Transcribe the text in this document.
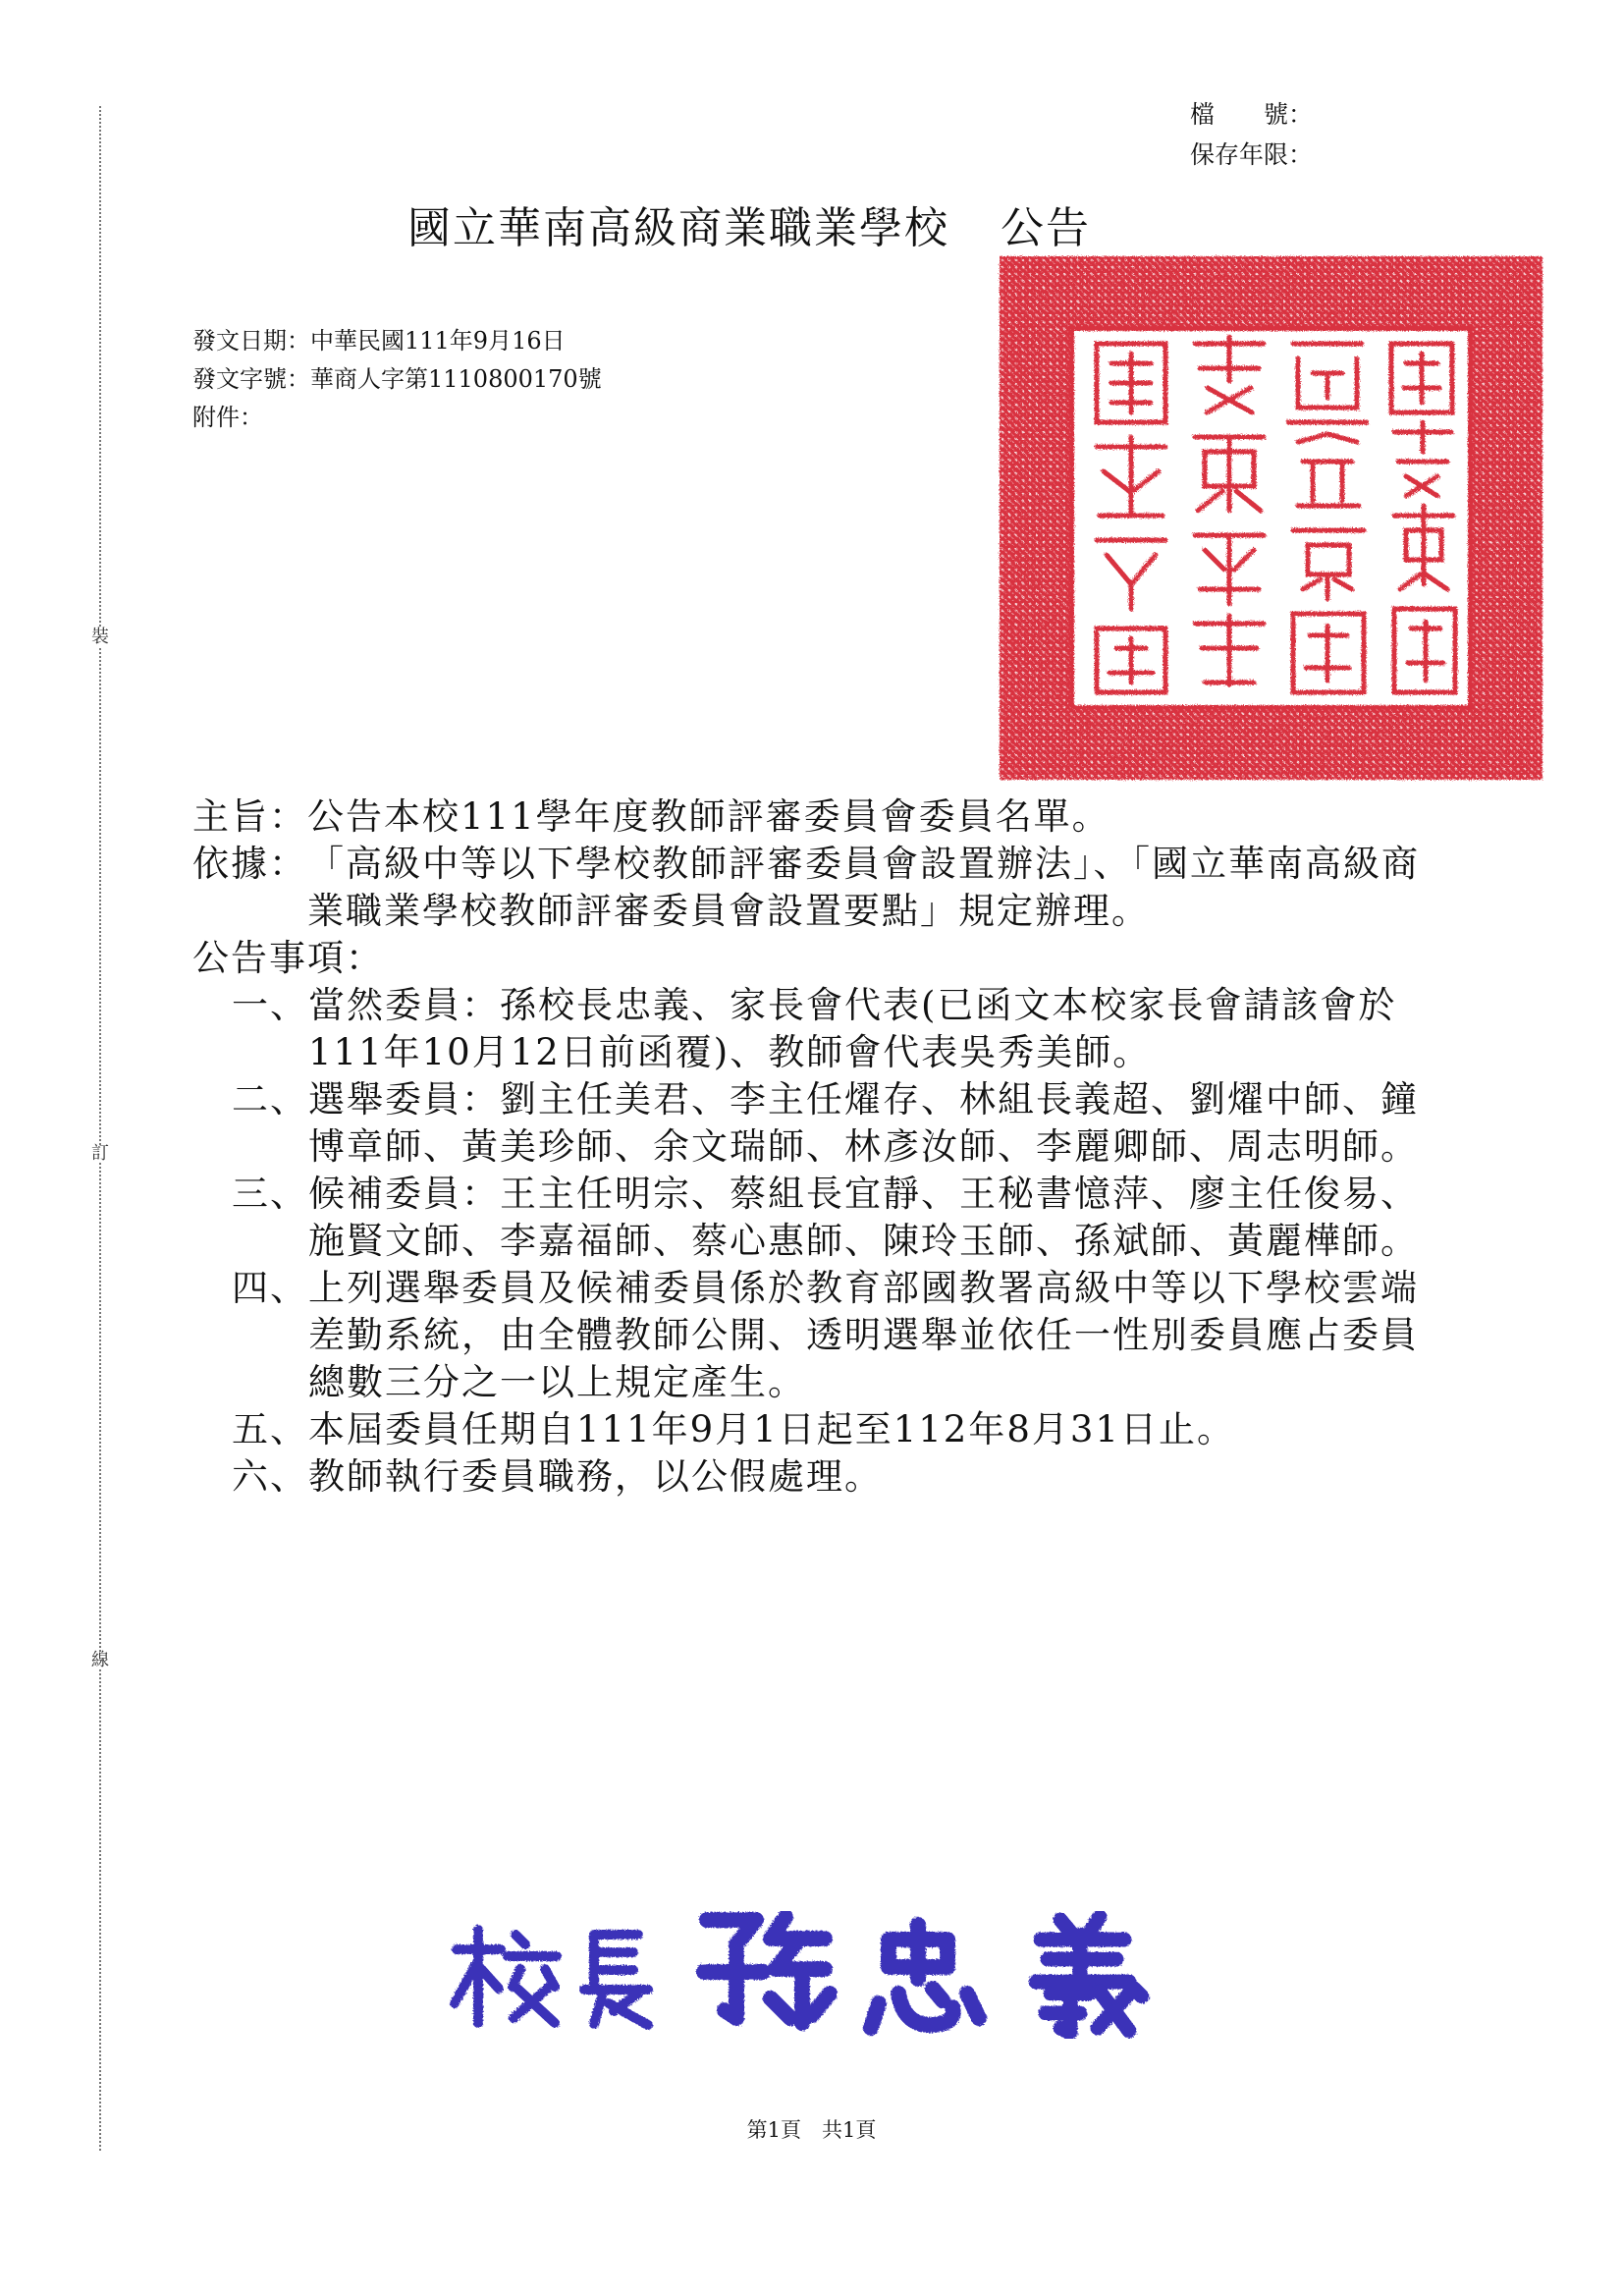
裝
訂
線
檔　　號：
保存年限：
國立華南高級商業職業學校 公告
發文日期：中華民國111年9月16日
發文字號：華商人字第1110800170號
附件：
主旨： 公告本校111學年度教師評審委員會委員名單。
依據： 「高級中等以下學校教師評審委員會設置辦法」、「國立華南高級商業職業學校教師評審委員會設置要點」規定辦理。
公告事項：
一、 當然委員：孫校長忠義、家長會代表(已函文本校家長會請該會於111年10月12日前函覆)、教師會代表吳秀美師。
二、 選舉委員：劉主任美君、李主任燿存、林組長義超、劉燿中師、鐘博章師、黃美珍師、余文瑞師、林彥汝師、李麗卿師、周志明師。
三、 候補委員：王主任明宗、蔡組長宜靜、王秘書憶萍、廖主任俊易、施賢文師、李嘉福師、蔡心惠師、陳玲玉師、孫斌師、黃麗樺師。
四、 上列選舉委員及候補委員係於教育部國教署高級中等以下學校雲端差勤系統，由全體教師公開、透明選舉並依任一性別委員應占委員總數三分之一以上規定產生。
五、 本屆委員任期自111年9月1日起至112年8月31日止。
六、 教師執行委員職務，以公假處理。
第1頁　共1頁
